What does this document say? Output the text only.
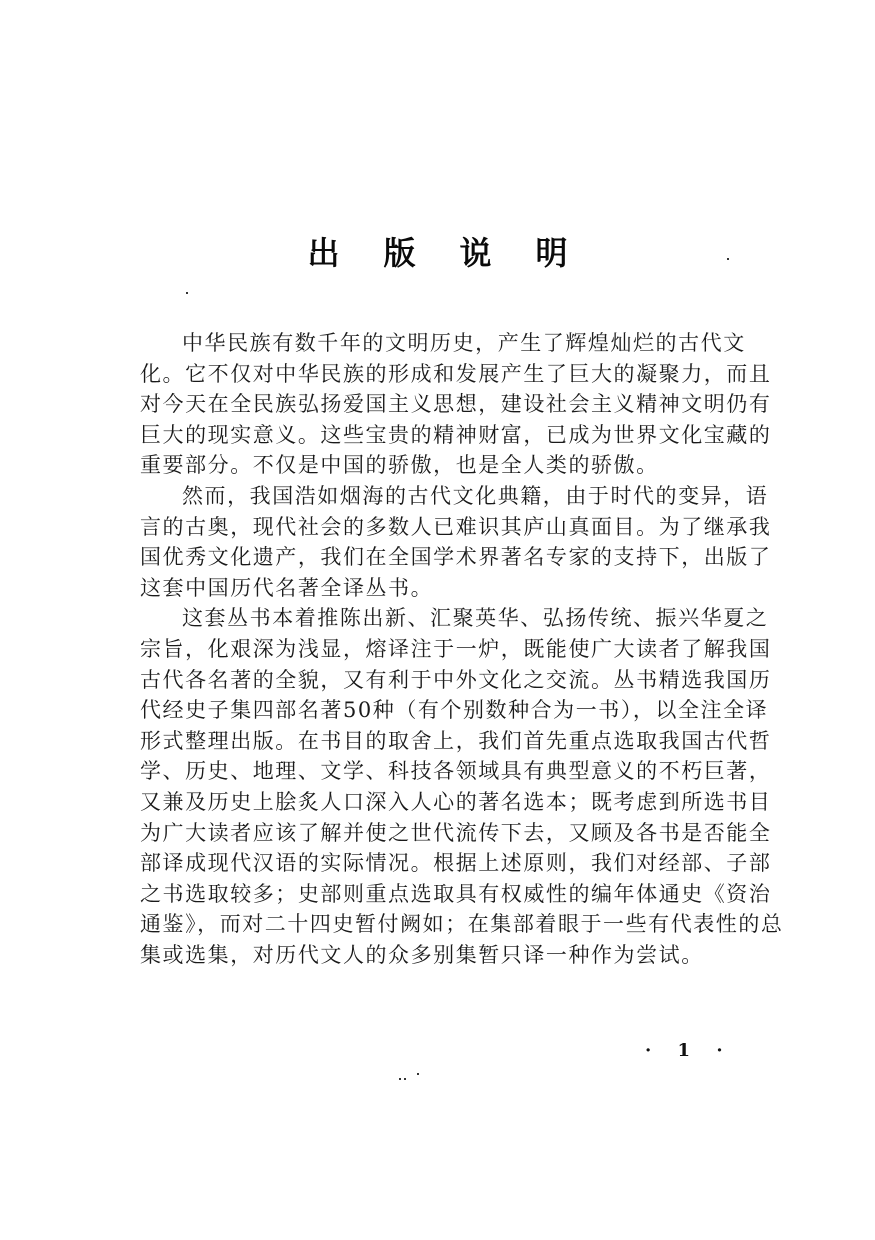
出 版 说 明
中华民族有数千年的文明历史，产生了辉煌灿烂的古代文
化。它不仅对中华民族的形成和发展产生了巨大的凝聚力，而且
对今天在全民族弘扬爱国主义思想，建设社会主义精神文明仍有
巨大的现实意义。这些宝贵的精神财富，已成为世界文化宝藏的
重要部分。不仅是中国的骄傲，也是全人类的骄傲。
然而，我国浩如烟海的古代文化典籍，由于时代的变异，语
言的古奥，现代社会的多数人已难识其庐山真面目。为了继承我
国优秀文化遗产，我们在全国学术界著名专家的支持下，出版了
这套中国历代名著全译丛书。
这套丛书本着推陈出新、汇聚英华、弘扬传统、振兴华夏之
宗旨，化艰深为浅显，熔译注于一炉，既能使广大读者了解我国
古代各名著的全貌，又有利于中外文化之交流。丛书精选我国历
代经史子集四部名著50种（有个别数种合为一书），以全注全译
形式整理出版。在书目的取舍上，我们首先重点选取我国古代哲
学、历史、地理、文学、科技各领域具有典型意义的不朽巨著，
又兼及历史上脍炙人口深入人心的著名选本；既考虑到所选书目
为广大读者应该了解并使之世代流传下去，又顾及各书是否能全
部译成现代汉语的实际情况。根据上述原则，我们对经部、子部
之书选取较多；史部则重点选取具有权威性的编年体通史《资治
通鉴》，而对二十四史暂付阙如；在集部着眼于一些有代表性的总
集或选集，对历代文人的众多别集暂只译一种作为尝试。
· 1 ·
